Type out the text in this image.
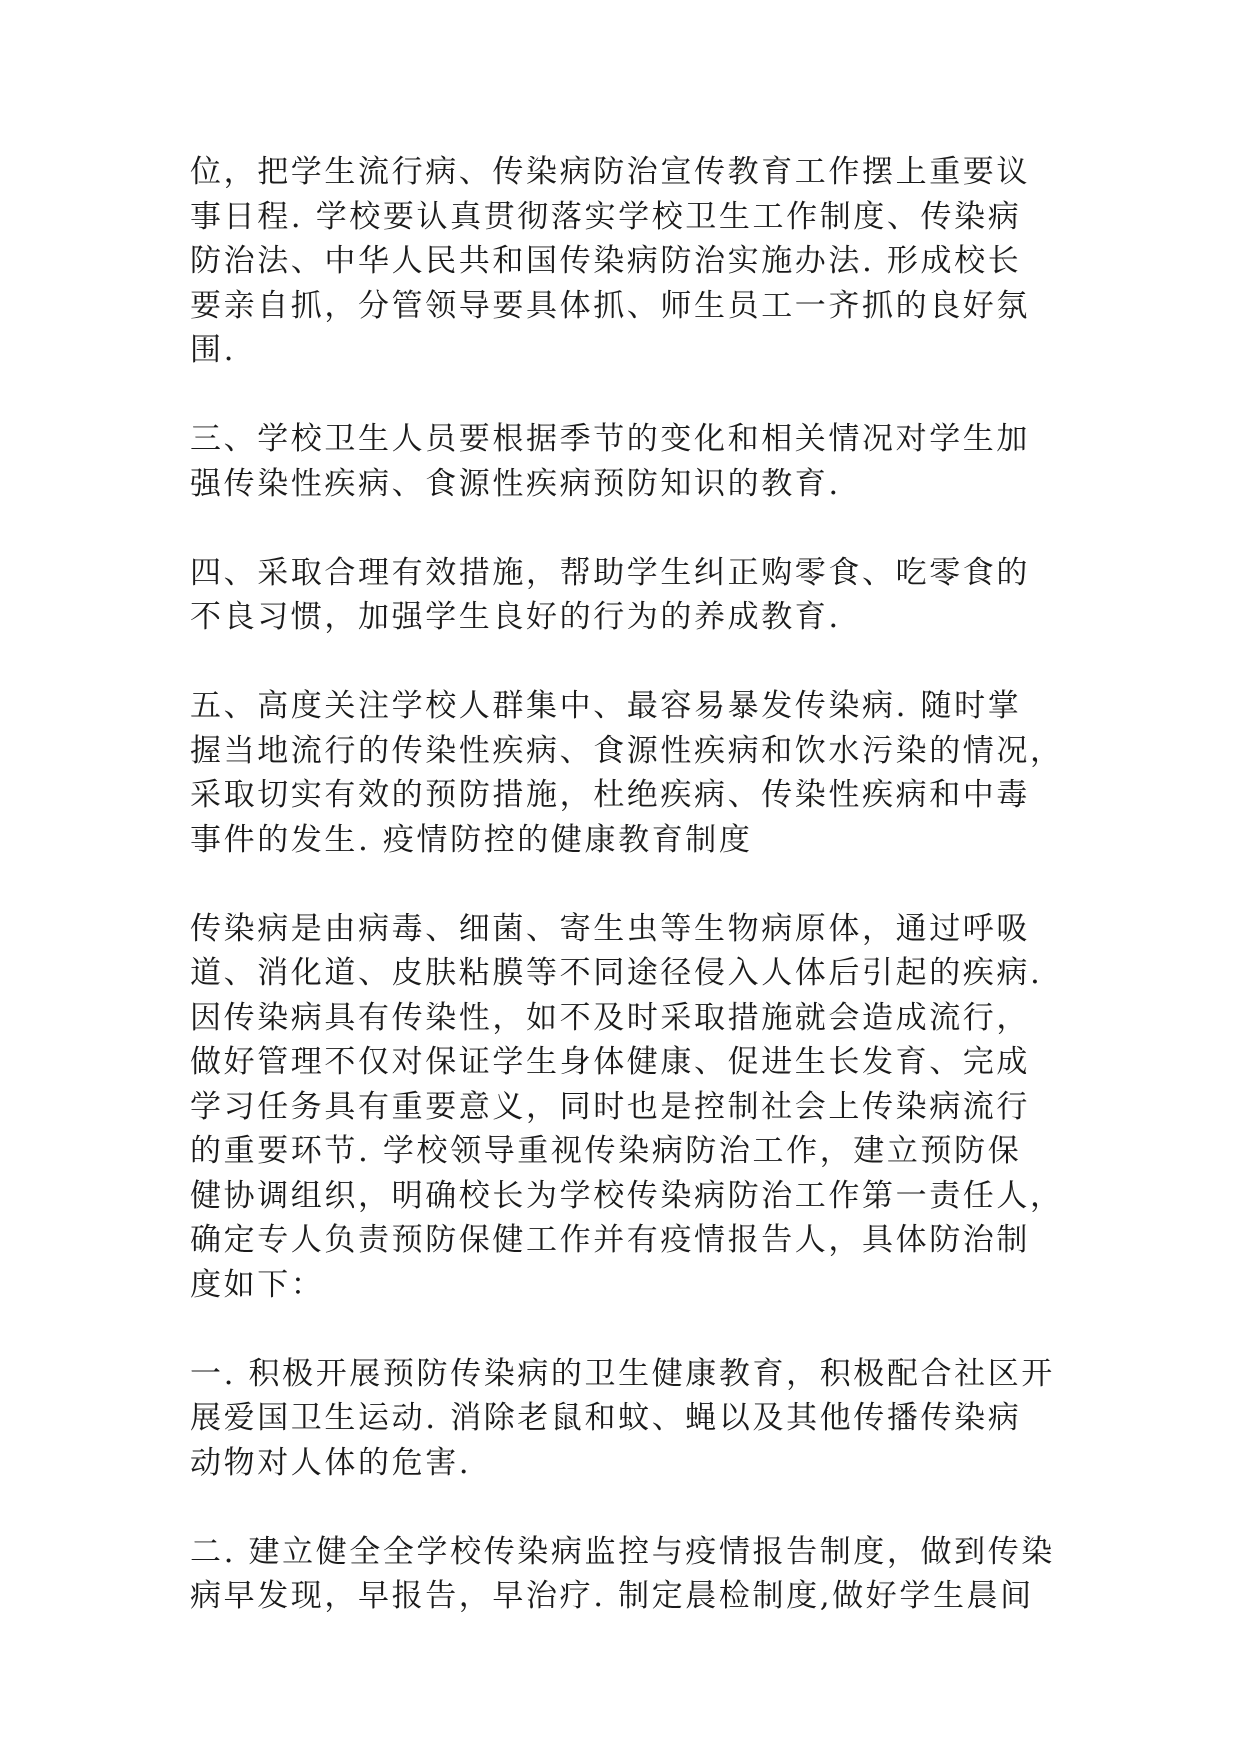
位，把学生流行病、传染病防治宣传教育工作摆上重要议
事日程. 学校要认真贯彻落实学校卫生工作制度、传染病
防治法、中华人民共和国传染病防治实施办法. 形成校长
要亲自抓，分管领导要具体抓、师生员工一齐抓的良好氛
围.

三、学校卫生人员要根据季节的变化和相关情况对学生加
强传染性疾病、食源性疾病预防知识的教育.

四、采取合理有效措施，帮助学生纠正购零食、吃零食的
不良习惯，加强学生良好的行为的养成教育.

五、高度关注学校人群集中、最容易暴发传染病. 随时掌
握当地流行的传染性疾病、食源性疾病和饮水污染的情况，
采取切实有效的预防措施，杜绝疾病、传染性疾病和中毒
事件的发生. 疫情防控的健康教育制度

传染病是由病毒、细菌、寄生虫等生物病原体，通过呼吸
道、消化道、皮肤粘膜等不同途径侵入人体后引起的疾病.
因传染病具有传染性，如不及时采取措施就会造成流行，
做好管理不仅对保证学生身体健康、促进生长发育、完成
学习任务具有重要意义，同时也是控制社会上传染病流行
的重要环节. 学校领导重视传染病防治工作，建立预防保
健协调组织，明确校长为学校传染病防治工作第一责任人，
确定专人负责预防保健工作并有疫情报告人，具体防治制
度如下：

一. 积极开展预防传染病的卫生健康教育，积极配合社区开
展爱国卫生运动. 消除老鼠和蚊、蝇以及其他传播传染病
动物对人体的危害.

二. 建立健全全学校传染病监控与疫情报告制度，做到传染
病早发现，早报告，早治疗. 制定晨检制度,做好学生晨间
